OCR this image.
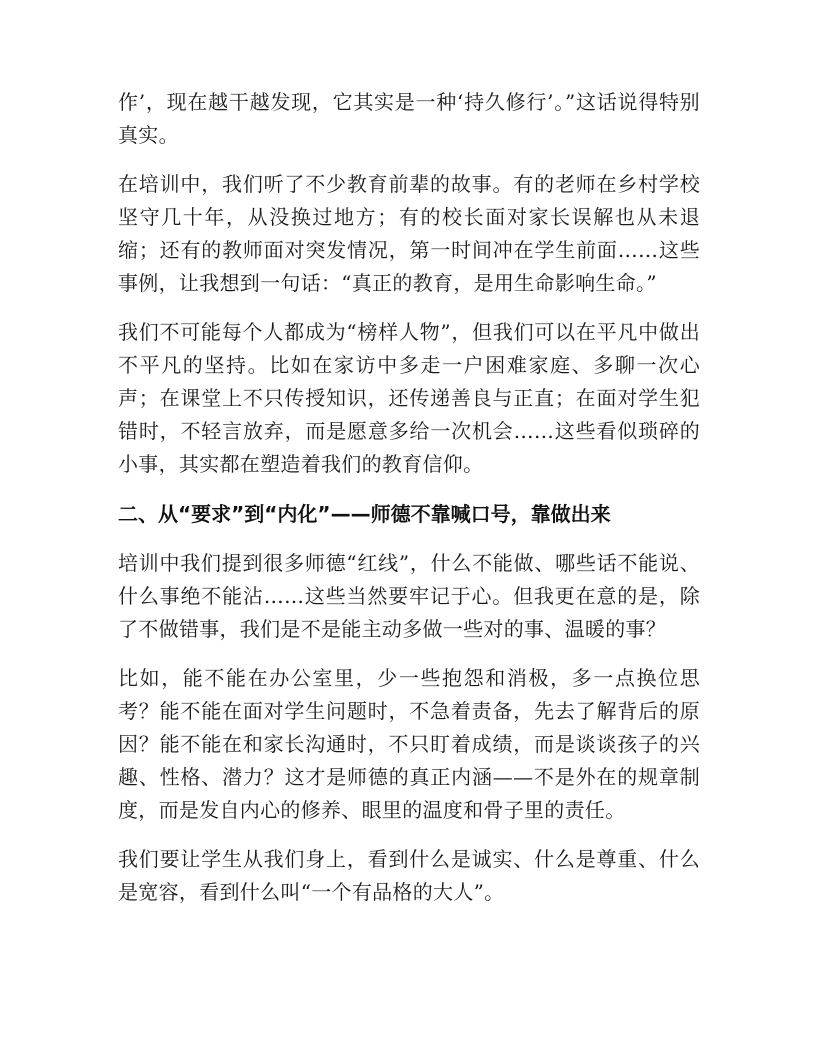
作’，现在越干越发现，它其实是一种‘持久修行’。”这话说得特别真实。

在培训中，我们听了不少教育前辈的故事。有的老师在乡村学校坚守几十年，从没换过地方；有的校长面对家长误解也从未退缩；还有的教师面对突发情况，第一时间冲在学生前面……这些事例，让我想到一句话：“真正的教育，是用生命影响生命。”

我们不可能每个人都成为“榜样人物”，但我们可以在平凡中做出不平凡的坚持。比如在家访中多走一户困难家庭、多聊一次心声；在课堂上不只传授知识，还传递善良与正直；在面对学生犯错时，不轻言放弃，而是愿意多给一次机会……这些看似琐碎的小事，其实都在塑造着我们的教育信仰。

二、从“要求”到“内化”——师德不靠喊口号，靠做出来

培训中我们提到很多师德“红线”，什么不能做、哪些话不能说、什么事绝不能沾……这些当然要牢记于心。但我更在意的是，除了不做错事，我们是不是能主动多做一些对的事、温暖的事？

比如，能不能在办公室里，少一些抱怨和消极，多一点换位思考？能不能在面对学生问题时，不急着责备，先去了解背后的原因？能不能在和家长沟通时，不只盯着成绩，而是谈谈孩子的兴趣、性格、潜力？这才是师德的真正内涵——不是外在的规章制度，而是发自内心的修养、眼里的温度和骨子里的责任。

我们要让学生从我们身上，看到什么是诚实、什么是尊重、什么是宽容，看到什么叫“一个有品格的大人”。
